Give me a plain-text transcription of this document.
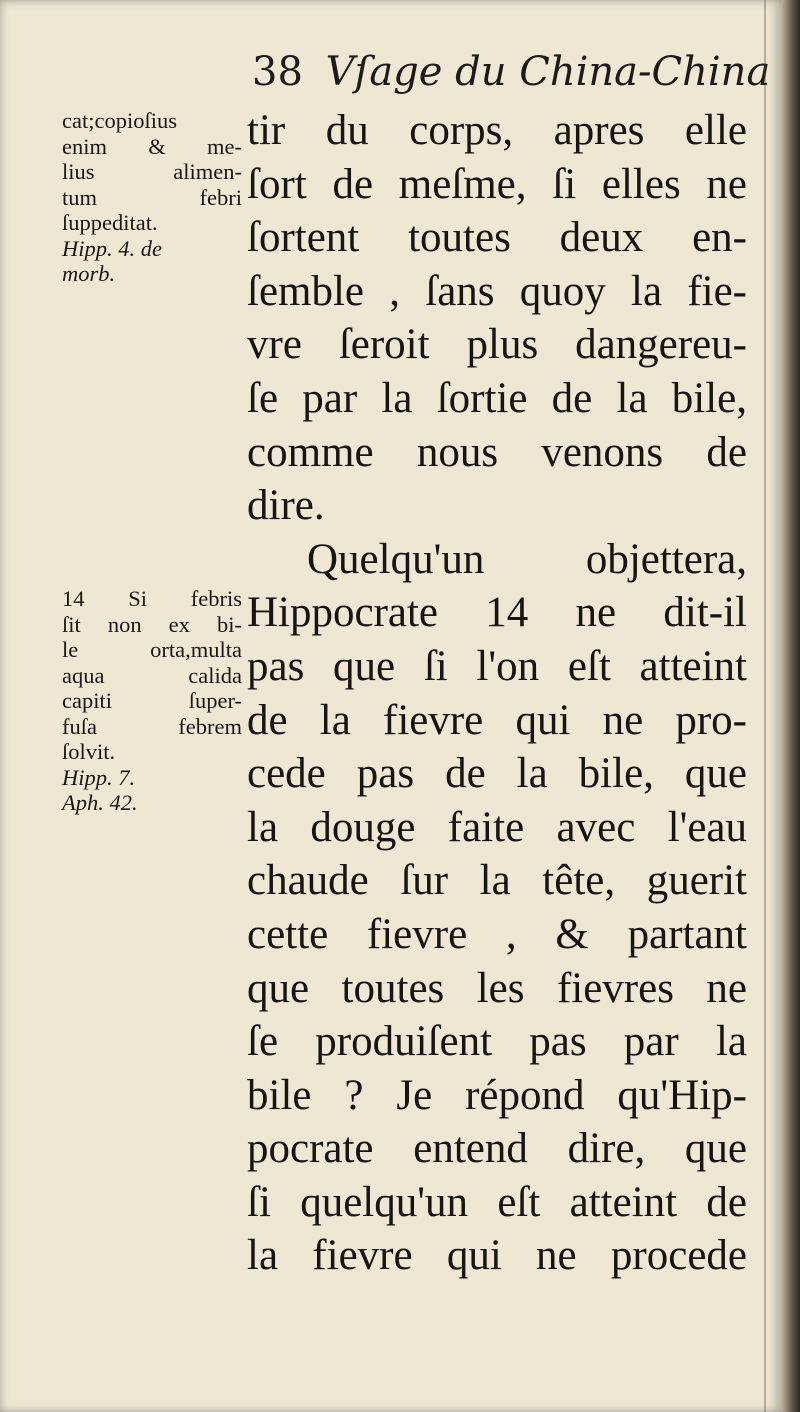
38 Vſage du China-China
cat;copioſius
enim & me-
lius alimen-
tum febri
ſuppeditat.
Hipp. 4. de
morb.
14 Si febris
ſit non ex bi-
le orta,multa
aqua calida
capiti ſuper-
fuſa febrem
ſolvit.
Hipp. 7.
Aph. 42.
tir du corps, apres elle
ſort de meſme, ſi elles ne
ſortent toutes deux en-
ſemble , ſans quoy la fie-
vre ſeroit plus dangereu-
ſe par la ſortie de la bile,
comme nous venons de
dire.
Quelqu'un objettera,
Hippocrate 14 ne dit-il
pas que ſi l'on eſt atteint
de la fievre qui ne pro-
cede pas de la bile, que
la douge faite avec l'eau
chaude ſur la tête, guerit
cette fievre , & partant
que toutes les fievres ne
ſe produiſent pas par la
bile ? Je répond qu'Hip-
pocrate entend dire, que
ſi quelqu'un eſt atteint de
la fievre qui ne procede
